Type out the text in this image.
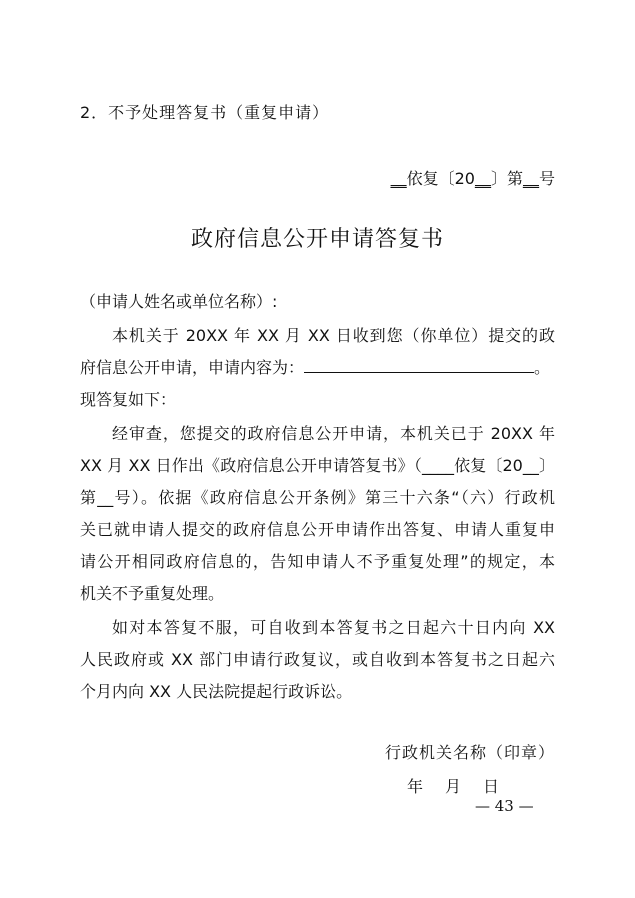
2．不予处理答复书（重复申请）
__依复〔20__〕第__号
政府信息公开申请答复书
（申请人姓名或单位名称）:
本机关于 20XX 年 XX 月 XX 日收到您（你单位）提交的政
府信息公开申请，申请内容为：	。
现答复如下：
经审查，您提交的政府信息公开申请，本机关已于 20XX 年
XX 月 XX 日作出《政府信息公开申请答复书》（____依复〔20__〕
第__号）。依据《政府信息公开条例》第三十六条“（六）行政机
关已就申请人提交的政府信息公开申请作出答复、申请人重复申
请公开相同政府信息的，告知申请人不予重复处理”的规定，本
机关不予重复处理。
如对本答复不服，可自收到本答复书之日起六十日内向 XX
人民政府或 XX 部门申请行政复议，或自收到本答复书之日起六
个月内向 XX 人民法院提起行政诉讼。
行政机关名称（印章）
年 月 日
— 43 —
